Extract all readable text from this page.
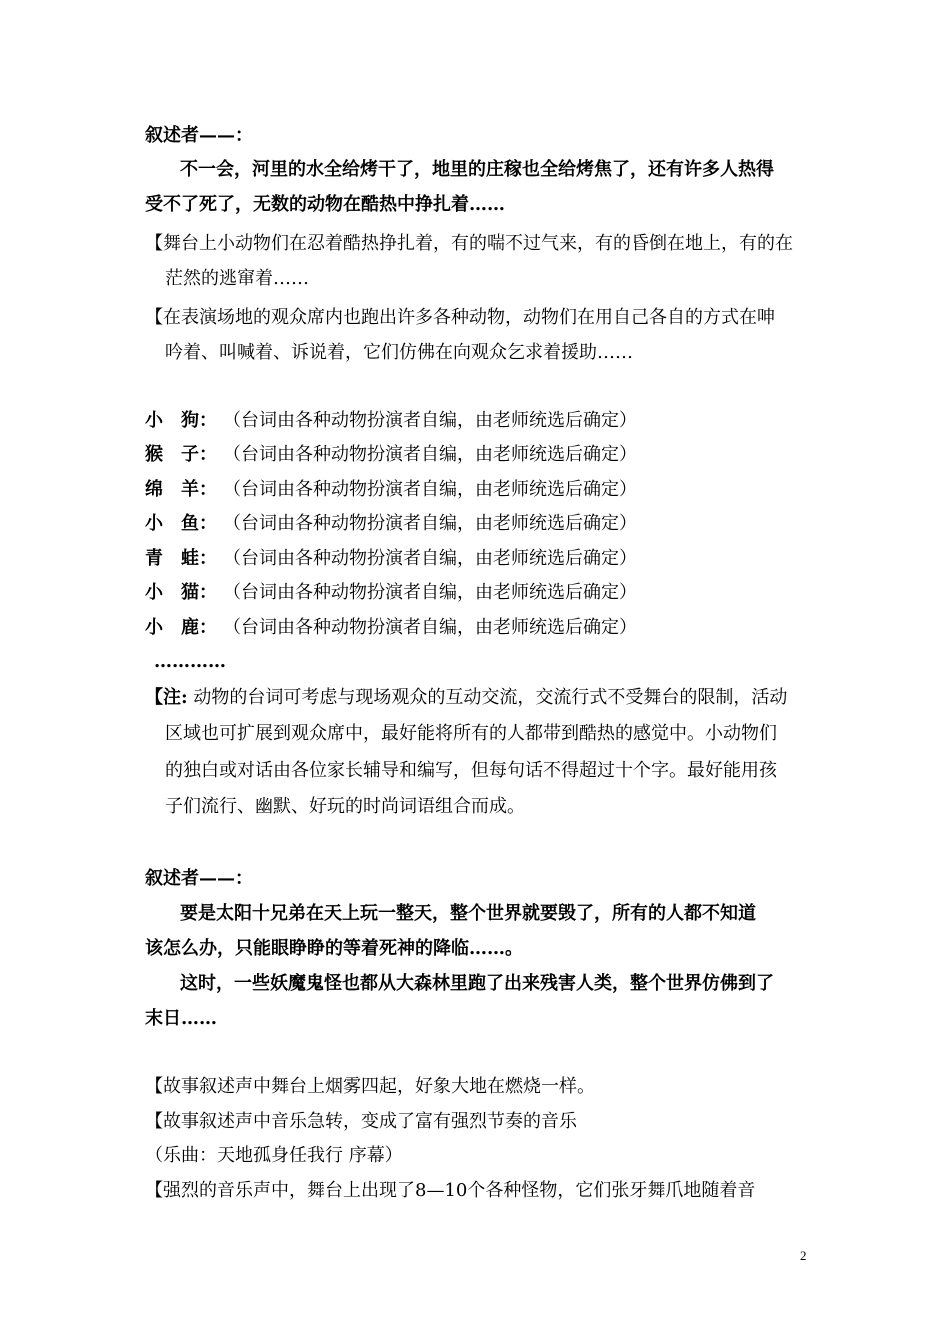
叙述者——：
不一会，河里的水全给烤干了，地里的庄稼也全给烤焦了，还有许多人热得
受不了死了，无数的动物在酷热中挣扎着……
【舞台上小动物们在忍着酷热挣扎着，有的喘不过气来，有的昏倒在地上，有的在
茫然的逃窜着……
【在表演场地的观众席内也跑出许多各种动物，动物们在用自己各自的方式在呻
吟着、叫喊着、诉说着，它们仿佛在向观众乞求着援助……
小　狗： （台词由各种动物扮演者自编，由老师统选后确定）
猴　子： （台词由各种动物扮演者自编，由老师统选后确定）
绵　羊： （台词由各种动物扮演者自编，由老师统选后确定）
小　鱼： （台词由各种动物扮演者自编，由老师统选后确定）
青　蛙： （台词由各种动物扮演者自编，由老师统选后确定）
小　猫： （台词由各种动物扮演者自编，由老师统选后确定）
小　鹿： （台词由各种动物扮演者自编，由老师统选后确定）
…………
【注: 动物的台词可考虑与现场观众的互动交流，交流行式不受舞台的限制，活动
区域也可扩展到观众席中，最好能将所有的人都带到酷热的感觉中。小动物们
的独白或对话由各位家长辅导和编写，但每句话不得超过十个字。最好能用孩
子们流行、幽默、好玩的时尚词语组合而成。
叙述者——：
要是太阳十兄弟在天上玩一整天，整个世界就要毁了，所有的人都不知道
该怎么办，只能眼睁睁的等着死神的降临……。
这时，一些妖魔鬼怪也都从大森林里跑了出来残害人类，整个世界仿佛到了
末日……
【故事叙述声中舞台上烟雾四起，好象大地在燃烧一样。
【故事叙述声中音乐急转，变成了富有强烈节奏的音乐
（乐曲：天地孤身任我行 序幕）
【强烈的音乐声中，舞台上出现了8—10个各种怪物，它们张牙舞爪地随着音
2
